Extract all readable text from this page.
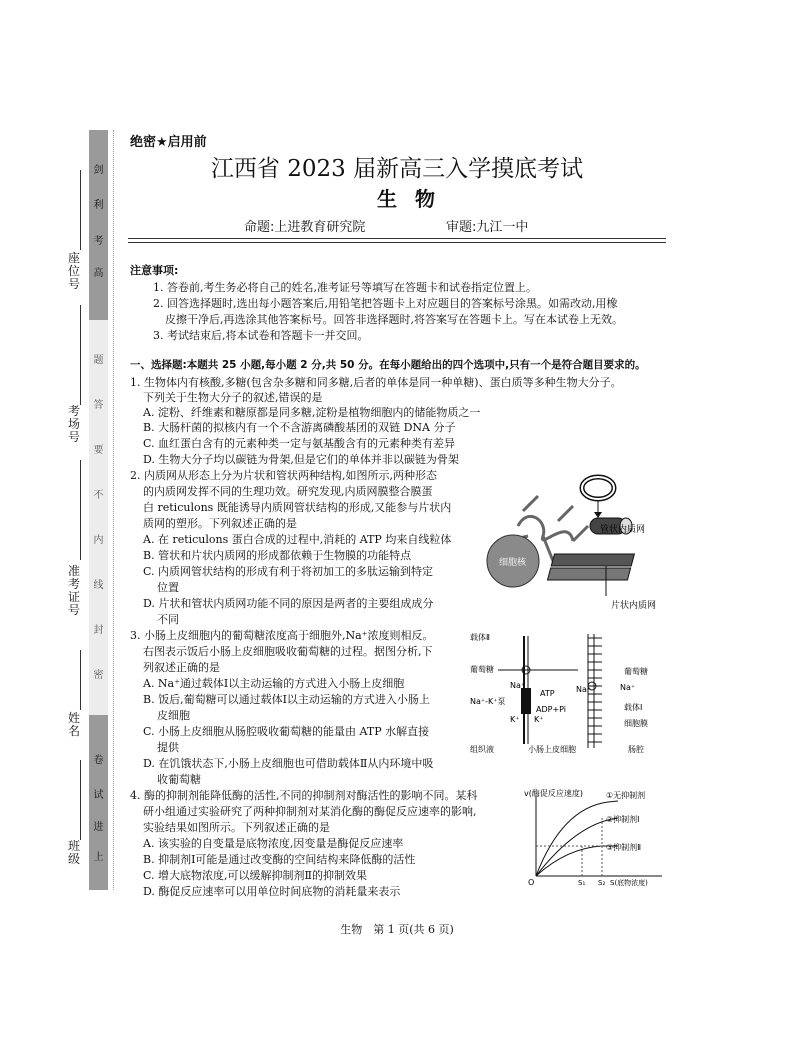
剑
利
考
高
题
答
要
不
内
线
封
密
卷
试
进
上
座位号
考场号
准考证号
姓名
班级
绝密★启用前
江西省 2023 届新高三入学摸底考试
生物
命题:上进教育研究院	审题:九江一中
注意事项:
1. 答卷前,考生务必将自己的姓名,准考证号等填写在答题卡和试卷指定位置上。
2. 回答选择题时,选出每小题答案后,用铅笔把答题卡上对应题目的答案标号涂黑。如需改动,用橡
皮擦干净后,再选涂其他答案标号。回答非选择题时,将答案写在答题卡上。写在本试卷上无效。
3. 考试结束后,将本试卷和答题卡一并交回。
一、选择题:本题共 25 小题,每小题 2 分,共 50 分。在每小题给出的四个选项中,只有一个是符合题目要求的。
1. 生物体内有核酸,多糖(包含杂多糖和同多糖,后者的单体是同一种单糖)、蛋白质等多种生物大分子。
下列关于生物大分子的叙述,错误的是
A. 淀粉、纤维素和糖原都是同多糖,淀粉是植物细胞内的储能物质之一
B. 大肠杆菌的拟核内有一个不含游离磷酸基团的双链 DNA 分子
C. 血红蛋白含有的元素种类一定与氨基酸含有的元素种类有差异
D. 生物大分子均以碳链为骨架,但是它们的单体并非以碳链为骨架
2. 内质网从形态上分为片状和管状两种结构,如图所示,两种形态
的内质网发挥不同的生理功效。研究发现,内质网膜整合膜蛋
白 reticulons 既能诱导内质网管状结构的形成,又能参与片状内
质网的塑形。下列叙述正确的是
A. 在 reticulons 蛋白合成的过程中,消耗的 ATP 均来自线粒体
B. 管状和片状内质网的形成都依赖于生物膜的功能特点
C. 内质网管状结构的形成有利于将初加工的多肽运输到特定
位置
D. 片状和管状内质网功能不同的原因是两者的主要组成成分
不同
细胞核
管状内质网
片状内质网
3. 小肠上皮细胞内的葡萄糖浓度高于细胞外,Na⁺浓度则相反。
右图表示饭后小肠上皮细胞吸收葡萄糖的过程。据图分析,下
列叙述正确的是
A. Na⁺通过载体Ⅰ以主动运输的方式进入小肠上皮细胞
B. 饭后,葡萄糖可以通过载体Ⅰ以主动运输的方式进入小肠上
皮细胞
C. 小肠上皮细胞从肠腔吸收葡萄糖的能量由 ATP 水解直接
提供
D. 在饥饿状态下,小肠上皮细胞也可借助载体Ⅱ从内环境中吸
收葡萄糖
载体Ⅱ
葡萄糖
Na⁺
ATP
Na⁺-K⁺泵
ADP+Pi
K⁺ K⁺
组织液	小肠上皮细胞	肠腔
葡萄糖
Na⁺	Na⁺
载体Ⅰ
细胞膜
4. 酶的抑制剂能降低酶的活性,不同的抑制剂对酶活性的影响不同。某科
研小组通过实验研究了两种抑制剂对某消化酶的酶促反应速率的影响,
实验结果如图所示。下列叙述正确的是
A. 该实验的自变量是底物浓度,因变量是酶促反应速率
B. 抑制剂Ⅰ可能是通过改变酶的空间结构来降低酶的活性
C. 增大底物浓度,可以缓解抑制剂Ⅱ的抑制效果
D. 酶促反应速率可以用单位时间底物的消耗量来表示
v(酶促反应速度)	①无抑制剂
②抑制剂Ⅰ
③抑制剂Ⅱ
O	S₁ S₂ S(底物浓度)
生物　第 1 页(共 6 页)
